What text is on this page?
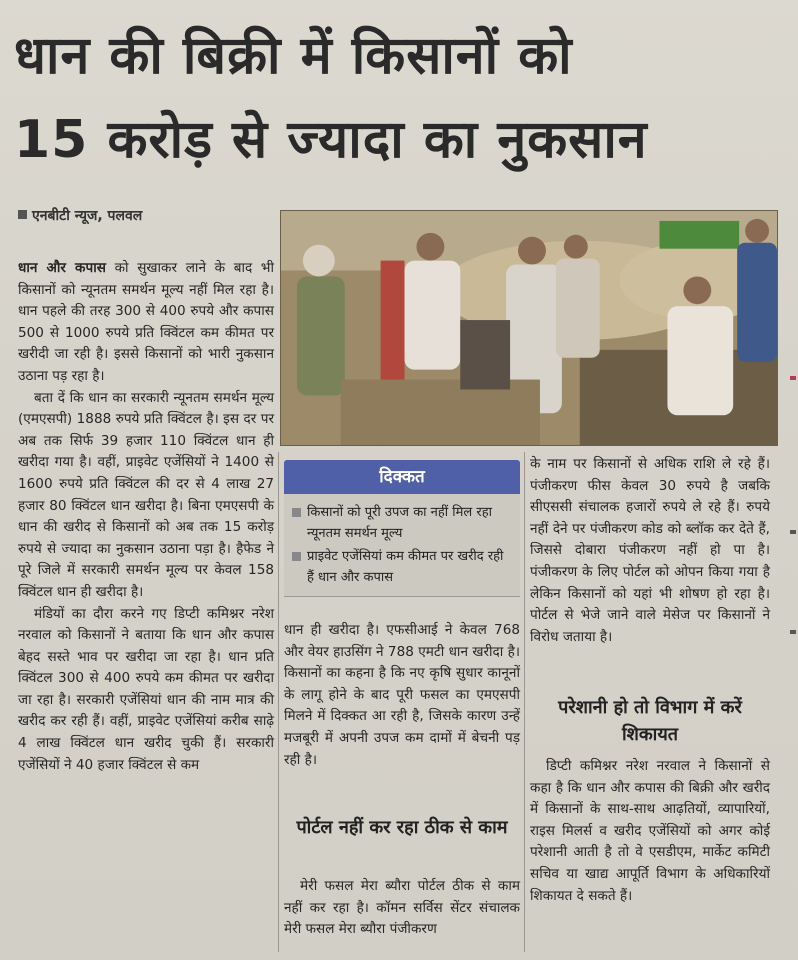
धान की बिक्री में किसानों को
15 करोड़ से ज्यादा का नुकसान
एनबीटी न्यूज, पलवल

धान और कपास को सुखाकर लाने के बाद भी किसानों को न्यूनतम समर्थन मूल्य नहीं मिल रहा है। धान पहले की तरह 300 से 400 रुपये और कपास 500 से 1000 रुपये प्रति क्विंटल कम कीमत पर खरीदी जा रही है। इससे किसानों को भारी नुकसान उठाना पड़ रहा है।

बता दें कि धान का सरकारी न्यूनतम समर्थन मूल्य (एमएसपी) 1888 रुपये प्रति क्विंटल है। इस दर पर अब तक सिर्फ 39 हजार 110 क्विंटल धान ही खरीदा गया है। वहीं, प्राइवेट एजेंसियों ने 1400 से 1600 रुपये प्रति क्विंटल की दर से 4 लाख 27 हजार 80 क्विंटल धान खरीदा है। बिना एमएसपी के धान की खरीद से किसानों को अब तक 15 करोड़ रुपये से ज्यादा का नुकसान उठाना पड़ा है। हैफेड ने पूरे जिले में सरकारी समर्थन मूल्य पर केवल 158 क्विंटल धान ही खरीदा है।

मंडियों का दौरा करने गए डिप्टी कमिश्नर नरेश नरवाल को किसानों ने बताया कि धान और कपास बेहद सस्ते भाव पर खरीदा जा रहा है। धान प्रति क्विंटल 300 से 400 रुपये कम कीमत पर खरीदा जा रहा है। सरकारी एजेंसियां धान की नाम मात्र की खरीद कर रही हैं। वहीं, प्राइवेट एजेंसियां करीब साढ़े 4 लाख क्विंटल धान खरीद चुकी हैं। सरकारी एजेंसियों ने 40 हजार क्विंटल से कम

दिक्कत
किसानों को पूरी उपज का नहीं मिल रहा न्यूनतम समर्थन मूल्य
प्राइवेट एजेंसियां कम कीमत पर खरीद रही हैं धान और कपास

धान ही खरीदा है। एफसीआई ने केवल 768 और वेयर हाउसिंग ने 788 एमटी धान खरीदा है। किसानों का कहना है कि नए कृषि सुधार कानूनों के लागू होने के बाद पूरी फसल का एमएसपी मिलने में दिक्कत आ रही है, जिसके कारण उन्हें मजबूरी में अपनी उपज कम दामों में बेचनी पड़ रही है।

पोर्टल नहीं कर रहा ठीक से काम

मेरी फसल मेरा ब्यौरा पोर्टल ठीक से काम नहीं कर रहा है। कॉमन सर्विस सेंटर संचालक मेरी फसल मेरा ब्यौरा पंजीकरण

के नाम पर किसानों से अधिक राशि ले रहे हैं। पंजीकरण फीस केवल 30 रुपये है जबकि सीएससी संचालक हजारों रुपये ले रहे हैं। रुपये नहीं देने पर पंजीकरण कोड को ब्लॉक कर देते हैं, जिससे दोबारा पंजीकरण नहीं हो पा है। पंजीकरण के लिए पोर्टल को ओपन किया गया है लेकिन किसानों को यहां भी शोषण हो रहा है। पोर्टल से भेजे जाने वाले मेसेज पर किसानों ने विरोध जताया है।

परेशानी हो तो विभाग में करें शिकायत

डिप्टी कमिश्नर नरेश नरवाल ने किसानों से कहा है कि धान और कपास की बिक्री और खरीद में किसानों के साथ-साथ आढ़तियों, व्यापारियों, राइस मिलर्स व खरीद एजेंसियों को अगर कोई परेशानी आती है तो वे एसडीएम, मार्केट कमिटी सचिव या खाद्य आपूर्ति विभाग के अधिकारियों शिकायत दे सकते हैं।
